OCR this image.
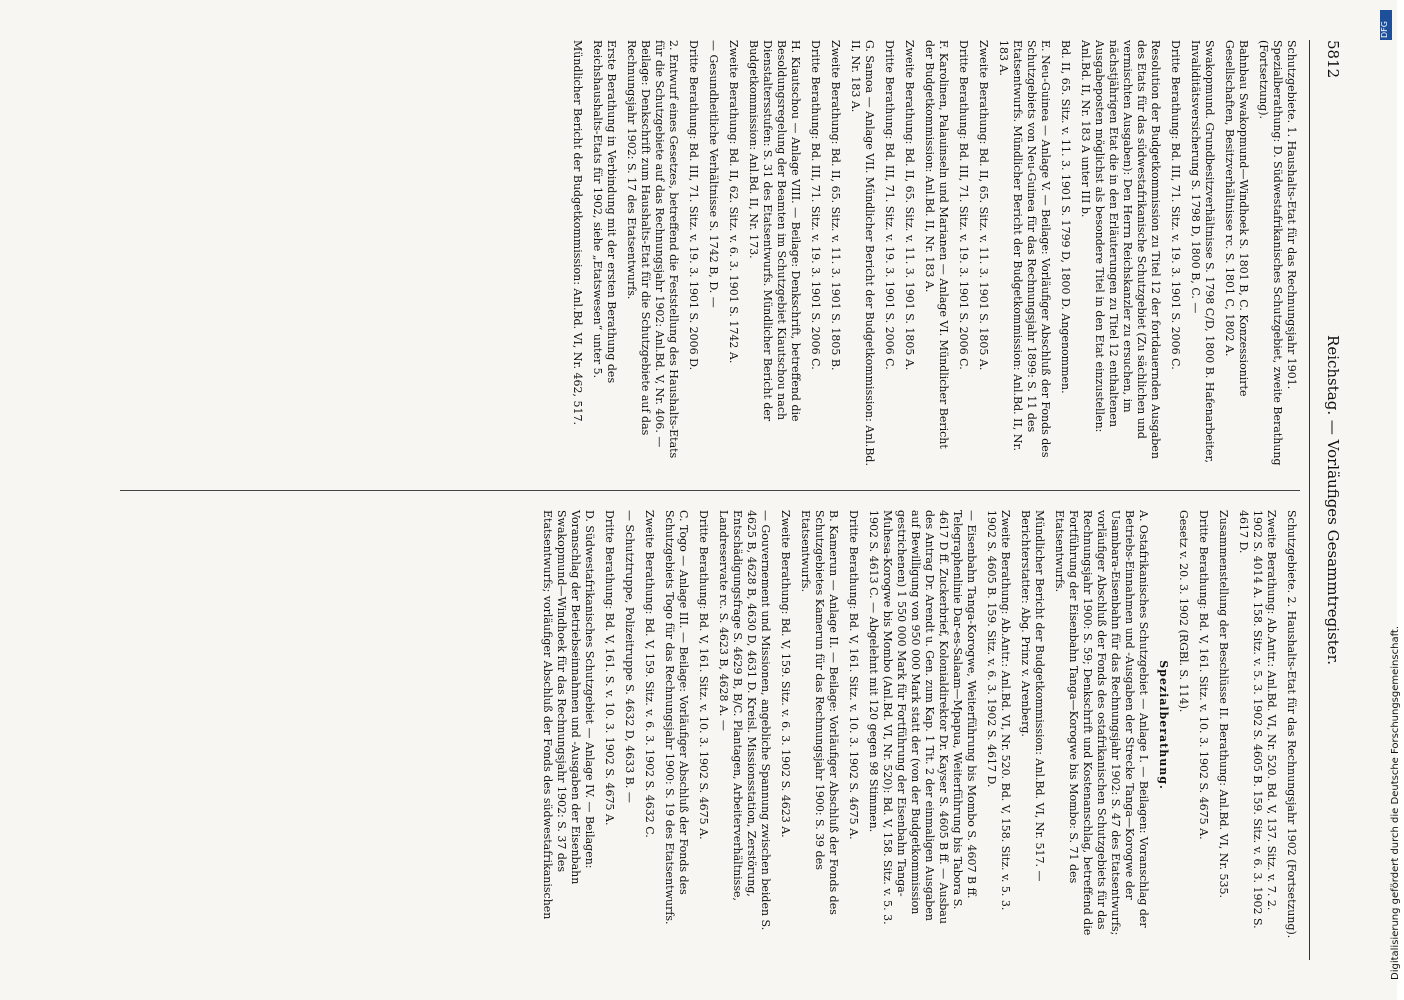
5812
Reichstag. — Vorläufiges Gesammtregister.
Schutzgebiete. 1. Haushalts-Etat für das Rechnungsjahr 1901. Spezialberathung: D. Südwestafrikanisches Schutzgebiet, zweite Berathung (Fortsetzung).
Bahnbau Swakopmund—Windhoek S. 1801 B, C. Konzessionirte Gesellschaften, Besitzverhältnisse rc. S. 1801 C, 1802 A.
Swakopmund. Grundbesitzverhältnisse S. 1798 C/D, 1800 B. Hafenarbeiter, Invaliditätsversicherung S. 1798 D, 1800 B, C. —
Dritte Berathung: Bd. III, 71. Sitz. v. 19. 3. 1901 S. 2006 C.
Resolution der Budgetkommission zu Titel 12 der fortdauernden Ausgaben des Etats für das südwestafrikanische Schutzgebiet (Zu sächlichen und vermischten Ausgaben): Den Herrn Reichskanzler zu ersuchen, im nächstjährigen Etat die in den Erläuterungen zu Titel 12 enthaltenen Ausgabeposten möglichst als besondere Titel in den Etat einzustellen: Anl.Bd. II, Nr. 183 A unter III b.
Bd. II, 65. Sitz. v. 11. 3. 1901 S. 1799 D, 1800 D. Angenommen.
E. Neu-Guinea — Anlage V. — Beilage: Vorläufiger Abschluß der Fonds des Schutzgebiets von Neu-Guinea für das Rechnungsjahr 1899: S. 11 des Etatsentwurfs. Mündlicher Bericht der Budgetkommission: Anl.Bd. II, Nr. 183 A.
Zweite Berathung: Bd. II, 65. Sitz. v. 11. 3. 1901 S. 1805 A.
Dritte Berathung: Bd. III, 71. Sitz. v. 19. 3. 1901 S. 2006 C.
F. Karolinen, Palauinseln und Marianen — Anlage VI. Mündlicher Bericht der Budgetkommission: Anl.Bd. II, Nr. 183 A.
Zweite Berathung: Bd. II, 65. Sitz. v. 11. 3. 1901 S. 1805 A.
Dritte Berathung: Bd. III, 71. Sitz. v. 19. 3. 1901 S. 2006 C.
G. Samoa — Anlage VII. Mündlicher Bericht der Budgetkommission: Anl.Bd. II, Nr. 183 A.
Zweite Berathung: Bd. II, 65. Sitz. v. 11. 3. 1901 S. 1805 B.
Dritte Berathung: Bd. III, 71. Sitz. v. 19. 3. 1901 S. 2006 C.
H. Kiautschou — Anlage VIII. — Beilage: Denkschrift, betreffend die Besoldungsregelung der Beamten im Schutzgebiet Kiautschou nach Dienstaltersstufen: S. 31 des Etatsentwurfs. Mündlicher Bericht der Budgetkommission: Anl.Bd. II, Nr. 173.
Zweite Berathung: Bd. II, 62. Sitz. v. 6. 3. 1901 S. 1742 A.
— Gesundheitliche Verhältnisse S. 1742 B, D. —
Dritte Berathung: Bd. III, 71. Sitz. v. 19. 3. 1901 S. 2006 D.
2. Entwurf eines Gesetzes, betreffend die Feststellung des Haushalts-Etats für die Schutzgebiete auf das Rechnungsjahr 1902: Anl.Bd. V, Nr. 406. — Beilage: Denkschrift zum Haushalts-Etat für die Schutzgebiete auf das Rechnungsjahr 1902: S. 17 des Etatsentwurfs.
Erste Berathung in Verbindung mit der ersten Berathung des Reichshaushalts-Etats für 1902, siehe „Etatswesen“ unter 5.
Mündlicher Bericht der Budgetkommission: Anl.Bd. VI, Nr. 462, 517.
Schutzgebiete. 2. Haushalts-Etat für das Rechnungsjahr 1902 (Fortsetzung).
Zweite Berathung: Ab.Antr.: Anl.Bd. VI, Nr. 520. Bd. V, 137. Sitz. v. 7. 2. 1902 S. 4014 A. 158. Sitz. v. 5. 3. 1902 S. 4605 B. 159. Sitz. v. 6. 3. 1902 S. 4617 D.
Zusammenstellung der Beschlüsse II. Berathung: Anl.Bd. VI, Nr. 535.
Dritte Berathung: Bd. V, 161. Sitz. v. 10. 3. 1902 S. 4675 A.
Gesetz v. 20. 3. 1902 (RGBl. S. 114).
Spezialberathung.
A. Ostafrikanisches Schutzgebiet — Anlage I. — Beilagen: Voranschlag der Betriebs-Einnahmen und -Ausgaben der Strecke Tanga—Korogwe der Usambara-Eisenbahn für das Rechnungsjahr 1902: S. 47 des Etatsentwurfs; vorläufiger Abschluß der Fonds des ostafrikanischen Schutzgebiets für das Rechnungsjahr 1900: S. 59; Denkschrift und Kostenanschlag, betreffend die Fortführung der Eisenbahn Tanga—Korogwe bis Mombo: S. 71 des Etatsentwurfs.
Mündlicher Bericht der Budgetkommission: Anl.Bd. VI, Nr. 517. — Berichterstatter: Abg. Prinz v. Arenberg.
Zweite Berathung: Ab.Antr.: Anl.Bd. VI, Nr. 520. Bd. V, 158. Sitz. v. 5. 3. 1902 S. 4605 B. 159. Sitz. v. 6. 3. 1902 S. 4617 D.
— Eisenbahn Tanga-Korogwe, Weiterführung bis Mombo S. 4607 B ff. Telegraphenlinie Dar-es-Salaam—Mpapua, Weiterführung bis Tabora S. 4617 D ff. Zuckerbrief, Kolonialdirektor Dr. Kayser S. 4605 B ff. — Ausbau des Antrag Dr. Arendt u. Gen. zum Kap. 1 Tit. 2 der einmaligen Ausgaben auf Bewilligung von 950 000 Mark statt der (von der Budgetkommission gestrichenen) 1 550 000 Mark für Fortführung der Eisenbahn Tanga-Muhesa-Korogwe bis Mombo (Anl.Bd. VI, Nr. 520): Bd. V, 158. Sitz. v. 5. 3. 1902 S. 4613 C. — Abgelehnt mit 120 gegen 98 Stimmen.
Dritte Berathung: Bd. V, 161. Sitz. v. 10. 3. 1902 S. 4675 A.
B. Kamerun — Anlage II. — Beilage: Vorläufiger Abschluß der Fonds des Schutzgebietes Kamerun für das Rechnungsjahr 1900: S. 39 des Etatsentwurfs.
Zweite Berathung: Bd. V, 159. Sitz. v. 6. 3. 1902 S. 4623 A.
— Gouvernement und Missionen, angebliche Spannung zwischen beiden S. 4625 B, 4628 B, 4630 D, 4631 D. Kreisl. Missionsstation, Zerstörung, Entschädigungsfrage S. 4629 B, B/C. Plantagen, Arbeiterverhältnisse, Landreservate rc. S. 4623 B, 4628 A. —
Dritte Berathung: Bd. V, 161. Sitz. v. 10. 3. 1902 S. 4675 A.
C. Togo — Anlage III. — Beilage: Vorläufiger Abschluß der Fonds des Schutzgebiets Togo für das Rechnungsjahr 1900: S. 19 des Etatsentwurfs.
Zweite Berathung: Bd. V, 159. Sitz. v. 6. 3. 1902 S. 4632 C.
— Schutztruppe, Polizeitruppe S. 4632 D, 4633 B. —
Dritte Berathung: Bd. V, 161. S. v. 10. 3. 1902 S. 4675 A.
D. Südwestafrikanisches Schutzgebiet — Anlage IV. — Beilagen: Voranschlag der Betriebseinnahmen und -Ausgaben der Eisenbahn Swakopmund—Windhoek für das Rechnungsjahr 1902: S. 37 des Etatsentwurfs; vorläufiger Abschluß der Fonds des südwestafrikanischen
DFG
Digitalisierung gefördert durch die Deutsche Forschungsgemeinschaft.
